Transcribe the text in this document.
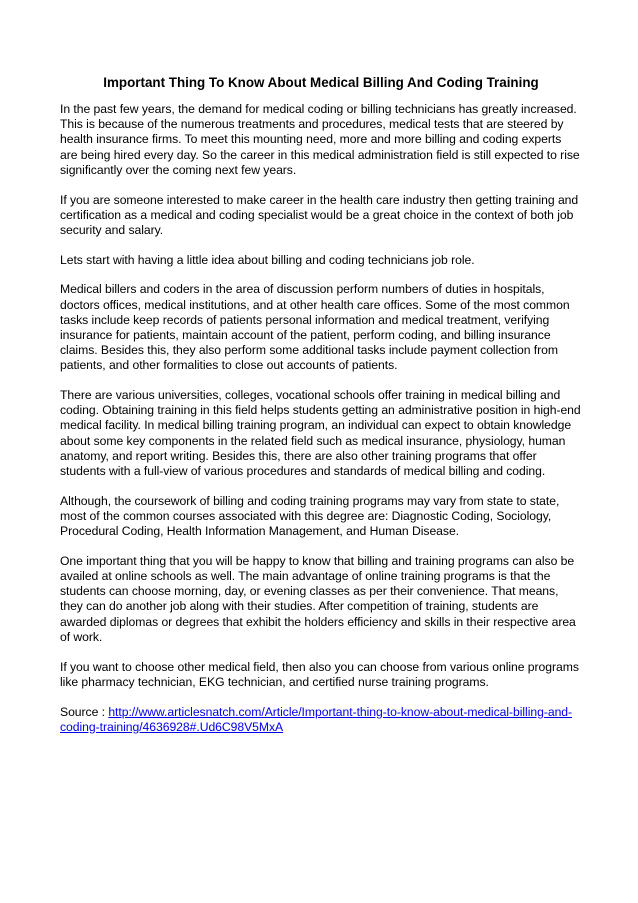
Important Thing To Know About Medical Billing And Coding Training
In the past few years, the demand for medical coding or billing technicians has greatly increased. This is because of the numerous treatments and procedures, medical tests that are steered by health insurance firms. To meet this mounting need, more and more billing and coding experts are being hired every day. So the career in this medical administration field is still expected to rise significantly over the coming next few years.
If you are someone interested to make career in the health care industry then getting training and certification as a medical and coding specialist would be a great choice in the context of both job security and salary.
Lets start with having a little idea about billing and coding technicians job role.
Medical billers and coders in the area of discussion perform numbers of duties in hospitals, doctors offices, medical institutions, and at other health care offices. Some of the most common tasks include keep records of patients personal information and medical treatment, verifying insurance for patients, maintain account of the patient, perform coding, and billing insurance claims. Besides this, they also perform some additional tasks include payment collection from patients, and other formalities to close out accounts of patients.
There are various universities, colleges, vocational schools offer training in medical billing and coding. Obtaining training in this field helps students getting an administrative position in high-end medical facility. In medical billing training program, an individual can expect to obtain knowledge about some key components in the related field such as medical insurance, physiology, human anatomy, and report writing. Besides this, there are also other training programs that offer students with a full-view of various procedures and standards of medical billing and coding.
Although, the coursework of billing and coding training programs may vary from state to state, most of the common courses associated with this degree are: Diagnostic Coding, Sociology, Procedural Coding, Health Information Management, and Human Disease.
One important thing that you will be happy to know that billing and training programs can also be availed at online schools as well. The main advantage of online training programs is that the students can choose morning, day, or evening classes as per their convenience. That means, they can do another job along with their studies. After competition of training, students are awarded diplomas or degrees that exhibit the holders efficiency and skills in their respective area of work.
If you want to choose other medical field, then also you can choose from various online programs like pharmacy technician, EKG technician, and certified nurse training programs.
Source : http://www.articlesnatch.com/Article/Important-thing-to-know-about-medical-billing-and-coding-training/4636928#.Ud6C98V5MxA
